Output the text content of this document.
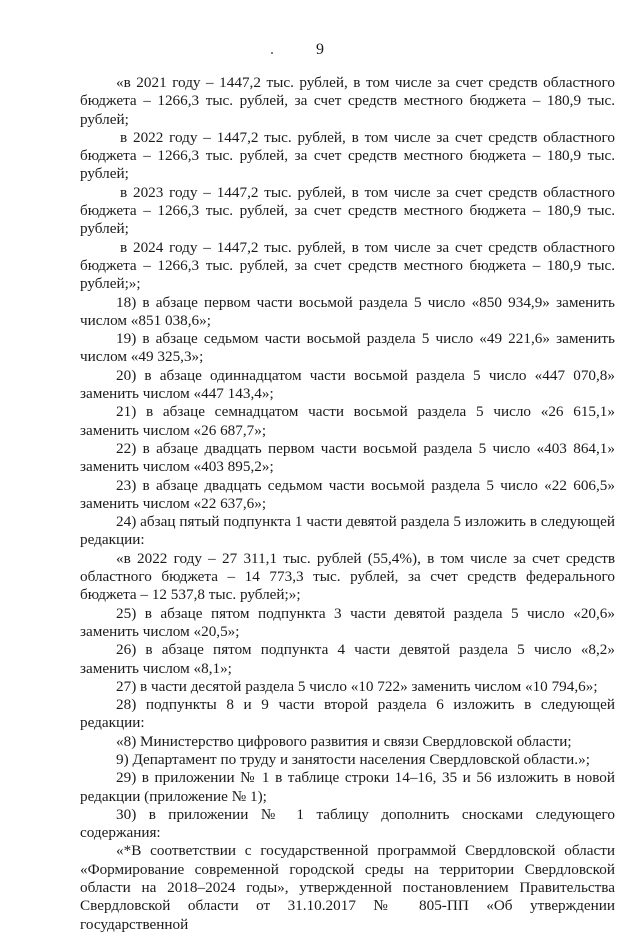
9

«в 2021 году – 1447,2 тыс. рублей, в том числе за счет средств областного бюджета – 1266,3 тыс. рублей, за счет средств местного бюджета – 180,9 тыс. рублей;

в 2022 году – 1447,2 тыс. рублей, в том числе за счет средств областного бюджета – 1266,3 тыс. рублей, за счет средств местного бюджета – 180,9 тыс. рублей;

в 2023 году – 1447,2 тыс. рублей, в том числе за счет средств областного бюджета – 1266,3 тыс. рублей, за счет средств местного бюджета – 180,9 тыс. рублей;

в 2024 году – 1447,2 тыс. рублей, в том числе за счет средств областного бюджета – 1266,3 тыс. рублей, за счет средств местного бюджета – 180,9 тыс. рублей;»;

18) в абзаце первом части восьмой раздела 5 число «850 934,9» заменить числом «851 038,6»;

19) в абзаце седьмом части восьмой раздела 5 число «49 221,6» заменить числом «49 325,3»;

20) в абзаце одиннадцатом части восьмой раздела 5 число «447 070,8» заменить числом «447 143,4»;

21) в абзаце семнадцатом части восьмой раздела 5 число «26 615,1» заменить числом «26 687,7»;

22) в абзаце двадцать первом части восьмой раздела 5 число «403 864,1» заменить числом «403 895,2»;

23) в абзаце двадцать седьмом части восьмой раздела 5 число «22 606,5» заменить числом «22 637,6»;

24) абзац пятый подпункта 1 части девятой раздела 5 изложить в следующей редакции:

«в 2022 году – 27 311,1 тыс. рублей (55,4%), в том числе за счет средств областного бюджета – 14 773,3 тыс. рублей, за счет средств федерального бюджета – 12 537,8 тыс. рублей;»;

25) в абзаце пятом подпункта 3 части девятой раздела 5 число «20,6» заменить числом «20,5»;

26) в абзаце пятом подпункта 4 части девятой раздела 5 число «8,2» заменить числом «8,1»;

27) в части десятой раздела 5 число «10 722» заменить числом «10 794,6»;

28) подпункты 8 и 9 части второй раздела 6 изложить в следующей редакции:

«8) Министерство цифрового развития и связи Свердловской области;

9) Департамент по труду и занятости населения Свердловской области.»;

29) в приложении № 1 в таблице строки 14–16, 35 и 56 изложить в новой редакции (приложение № 1);

30) в приложении № 1 таблицу дополнить сносками следующего содержания:

«*В соответствии с государственной программой Свердловской области «Формирование современной городской среды на территории Свердловской области на 2018–2024 годы», утвержденной постановлением Правительства Свердловской области от 31.10.2017 № 805-ПП «Об утверждении государственной
